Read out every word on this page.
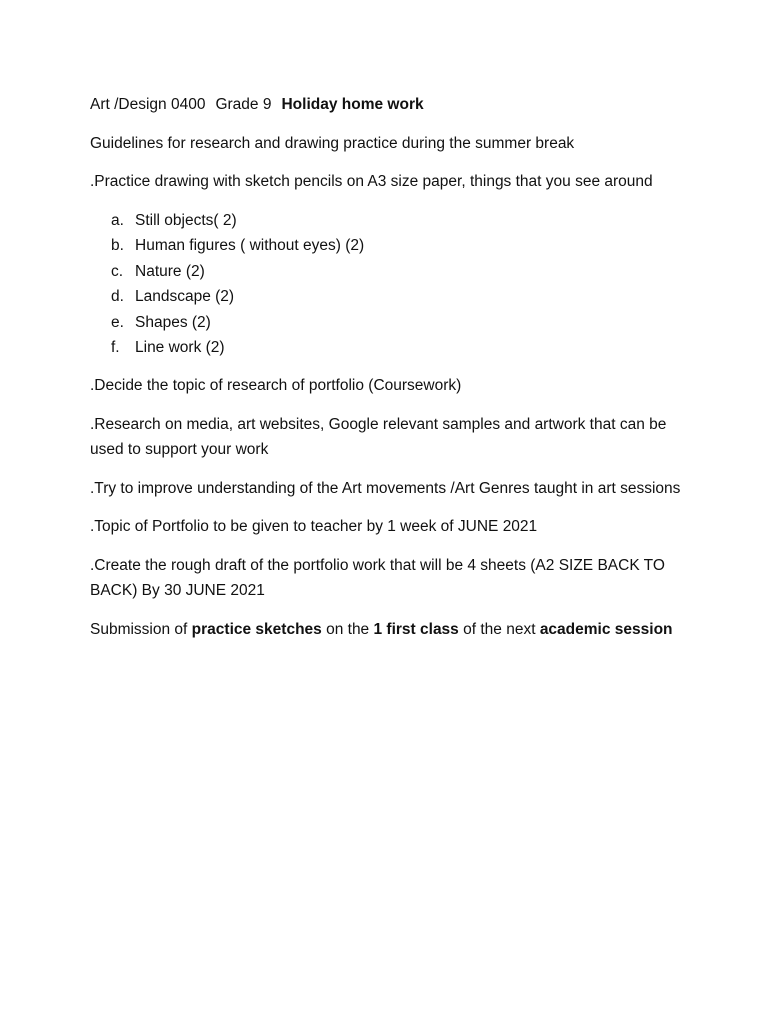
Art /Design 0400 Grade 9 Holiday home work

Guidelines for research and drawing practice during the summer break

.Practice drawing with sketch pencils on A3 size paper, things that you see around

a. Still objects( 2)
b. Human figures ( without eyes) (2)
c. Nature (2)
d. Landscape (2)
e. Shapes (2)
f. Line work (2)

.Decide the topic of research of portfolio (Coursework)

.Research on media, art websites, Google relevant samples and artwork that can be used to support your work

.Try to improve understanding of the Art movements /Art Genres taught in art sessions

.Topic of Portfolio to be given to teacher by 1 week of JUNE 2021

.Create the rough draft of the portfolio work that will be 4 sheets (A2 SIZE BACK TO BACK) By 30 JUNE 2021

Submission of practice sketches on the 1 first class of the next academic session
